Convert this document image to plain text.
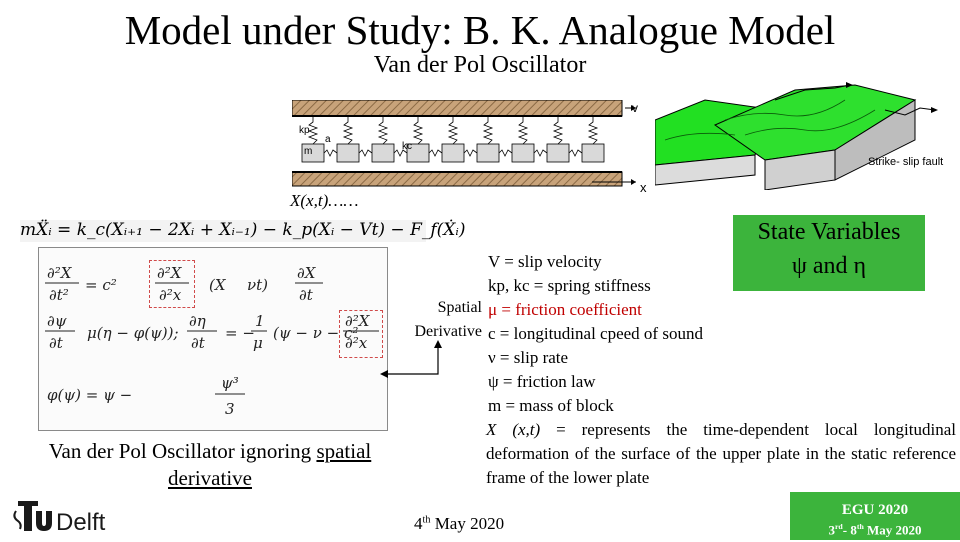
Model under Study: B. K. Analogue Model
Van der Pol Oscillator
v
kp
a
kc
m
x
X(x,t)……
Strike- slip fault
mẌᵢ = k_c(Xᵢ₊₁ − 2Xᵢ + Xᵢ₋₁) − k_p(Xᵢ − Vt) − F_f(Ẋᵢ)
∂²X
∂t²
= c²
∂²X
∂²x
(X νt)
∂X
∂t
∂ψ
∂t
μ(η − φ(ψ));
∂η
∂t
= −
1
μ
(ψ − ν − c²
∂²X
∂²x
φ(ψ) = ψ −
ψ³
3
Van der Pol Oscillator ignoring spatial
derivative
Spatial
Derivative
State Variables
ψ and η
V = slip velocity
kp, kc = spring stiffness
μ = friction coefficient
c = longitudinal cpeed of sound
ν = slip rate
ψ = friction law
m = mass of block
X (x,t) = represents the time-dependent local longitudinal deformation of the surface of the upper plate in the static reference frame of the lower plate
4th May 2020
EGU 2020
3rd- 8th May 2020
Delft
